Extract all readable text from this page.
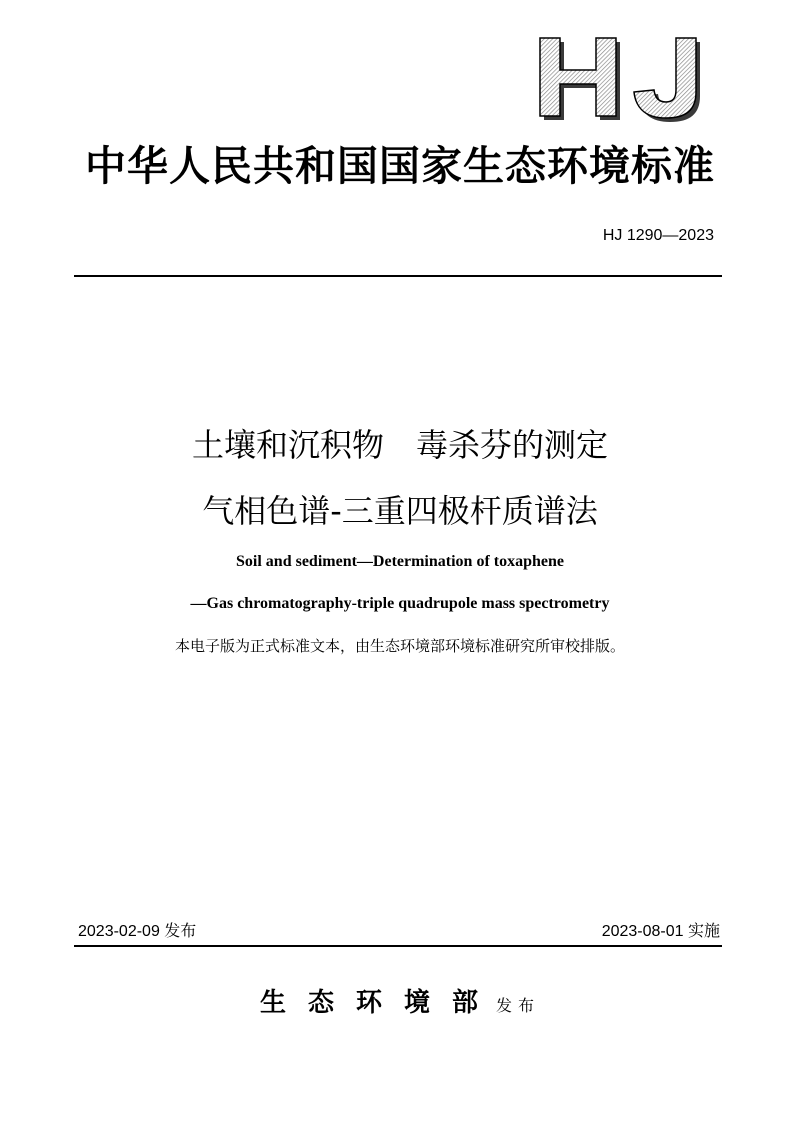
中华人民共和国国家生态环境标准
HJ 1290—2023
土壤和沉积物　毒杀芬的测定
气相色谱-三重四极杆质谱法
Soil and sediment—Determination of toxaphene
—Gas chromatography-triple quadrupole mass spectrometry
本电子版为正式标准文本，由生态环境部环境标准研究所审校排版。
2023-02-09 发布	2023-08-01 实施
生态环境部发布
